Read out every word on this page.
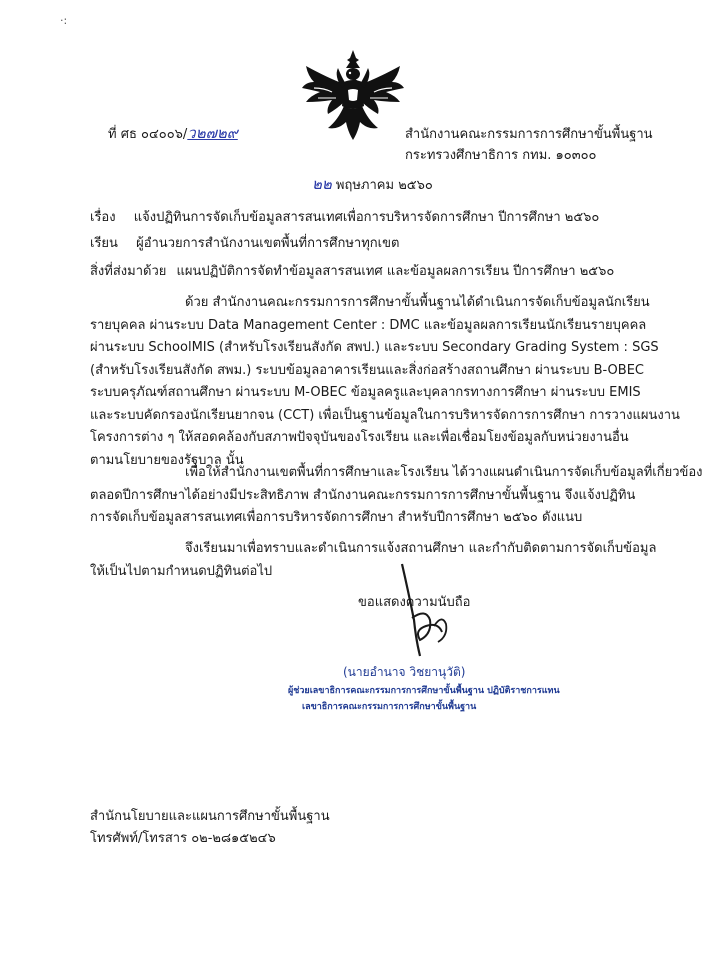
·:
ที่ ศธ ๐๔๐๐๖/ว๒๗๒๙	สำนักงานคณะกรรมการการศึกษาขั้นพื้นฐาน
กระทรวงศึกษาธิการ กทม. ๑๐๓๐๐
๒๒ พฤษภาคม ๒๕๖๐
เรื่อง แจ้งปฏิทินการจัดเก็บข้อมูลสารสนเทศเพื่อการบริหารจัดการศึกษา ปีการศึกษา ๒๕๖๐
เรียน ผู้อำนวยการสำนักงานเขตพื้นที่การศึกษาทุกเขต
สิ่งที่ส่งมาด้วย แผนปฏิบัติการจัดทำข้อมูลสารสนเทศ และข้อมูลผลการเรียน ปีการศึกษา ๒๕๖๐
ด้วย สำนักงานคณะกรรมการการศึกษาขั้นพื้นฐานได้ดำเนินการจัดเก็บข้อมูลนักเรียน
รายบุคคล ผ่านระบบ Data Management Center : DMC และข้อมูลผลการเรียนนักเรียนรายบุคคล
ผ่านระบบ SchoolMIS (สำหรับโรงเรียนสังกัด สพป.) และระบบ Secondary Grading System : SGS
(สำหรับโรงเรียนสังกัด สพม.) ระบบข้อมูลอาคารเรียนและสิ่งก่อสร้างสถานศึกษา ผ่านระบบ B-OBEC
ระบบครุภัณฑ์สถานศึกษา ผ่านระบบ M-OBEC ข้อมูลครูและบุคลากรทางการศึกษา ผ่านระบบ EMIS
และระบบคัดกรองนักเรียนยากจน (CCT) เพื่อเป็นฐานข้อมูลในการบริหารจัดการการศึกษา การวางแผนงาน
โครงการต่าง ๆ ให้สอดคล้องกับสภาพปัจจุบันของโรงเรียน และเพื่อเชื่อมโยงข้อมูลกับหน่วยงานอื่น
ตามนโยบายของรัฐบาล นั้น
เพื่อให้สำนักงานเขตพื้นที่การศึกษาและโรงเรียน ได้วางแผนดำเนินการจัดเก็บข้อมูลที่เกี่ยวข้อง
ตลอดปีการศึกษาได้อย่างมีประสิทธิภาพ สำนักงานคณะกรรมการการศึกษาขั้นพื้นฐาน จึงแจ้งปฏิทิน
การจัดเก็บข้อมูลสารสนเทศเพื่อการบริหารจัดการศึกษา สำหรับปีการศึกษา ๒๕๖๐ ดังแนบ
จึงเรียนมาเพื่อทราบและดำเนินการแจ้งสถานศึกษา และกำกับติดตามการจัดเก็บข้อมูล
ให้เป็นไปตามกำหนดปฏิทินต่อไป
ขอแสดงความนับถือ
(นายอำนาจ วิชยานุวัติ)
ผู้ช่วยเลขาธิการคณะกรรมการการศึกษาขั้นพื้นฐาน ปฏิบัติราชการแทน
เลขาธิการคณะกรรมการการศึกษาขั้นพื้นฐาน
สำนักนโยบายและแผนการศึกษาขั้นพื้นฐาน
โทรศัพท์/โทรสาร ๐๒-๒๘๑๕๒๔๖
